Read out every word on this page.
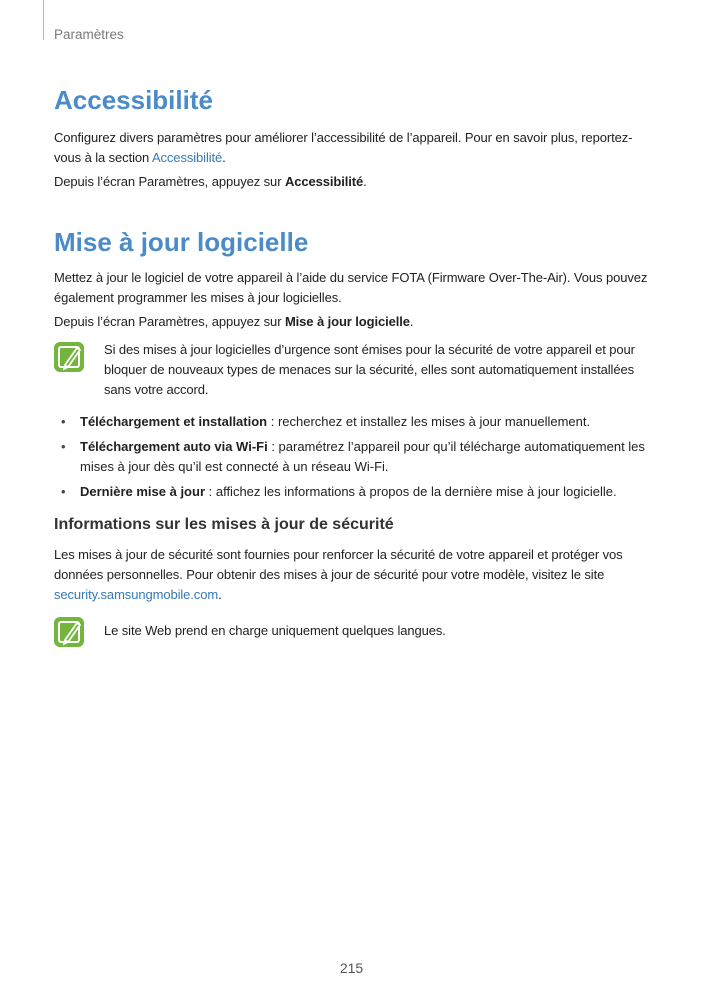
Paramètres
Accessibilité

Configurez divers paramètres pour améliorer l’accessibilité de l’appareil. Pour en savoir plus, reportez-vous à la section Accessibilité.

Depuis l’écran Paramètres, appuyez sur Accessibilité.

Mise à jour logicielle

Mettez à jour le logiciel de votre appareil à l’aide du service FOTA (Firmware Over-The-Air). Vous pouvez également programmer les mises à jour logicielles.

Depuis l’écran Paramètres, appuyez sur Mise à jour logicielle.

Si des mises à jour logicielles d’urgence sont émises pour la sécurité de votre appareil et pour bloquer de nouveaux types de menaces sur la sécurité, elles sont automatiquement installées sans votre accord.

• Téléchargement et installation : recherchez et installez les mises à jour manuellement.
• Téléchargement auto via Wi-Fi : paramétrez l’appareil pour qu’il télécharge automatiquement les mises à jour dès qu’il est connecté à un réseau Wi-Fi.
• Dernière mise à jour : affichez les informations à propos de la dernière mise à jour logicielle.
Informations sur les mises à jour de sécurité

Les mises à jour de sécurité sont fournies pour renforcer la sécurité de votre appareil et protéger vos données personnelles. Pour obtenir des mises à jour de sécurité pour votre modèle, visitez le site security.samsungmobile.com.

Le site Web prend en charge uniquement quelques langues.

215
